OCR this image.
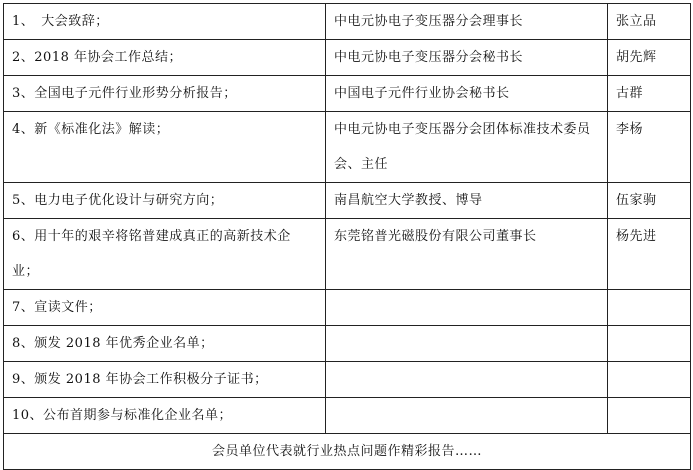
1、　大会致辞；	中电元协电子变压器分会理事长	张立品

2、2018 年协会工作总结；	中电元协电子变压器分会秘书长	胡先辉

3、全国电子元件行业形势分析报告；	中国电子元件行业协会秘书长	古群

4、新《标准化法》解读；	中电元协电子变压器分会团体标准技术委员会、主任	李杨

5、电力电子优化设计与研究方向；	南昌航空大学教授、博导	伍家驹

6、用十年的艰辛将铭普建成真正的高新技术企业；	东莞铭普光磁股份有限公司董事长	杨先进

7、宣读文件；		

8、颁发 2018 年优秀企业名单；		

9、颁发 2018 年协会工作积极分子证书；		

10、公布首期参与标准化企业名单；		

会员单位代表就行业热点问题作精彩报告……		
